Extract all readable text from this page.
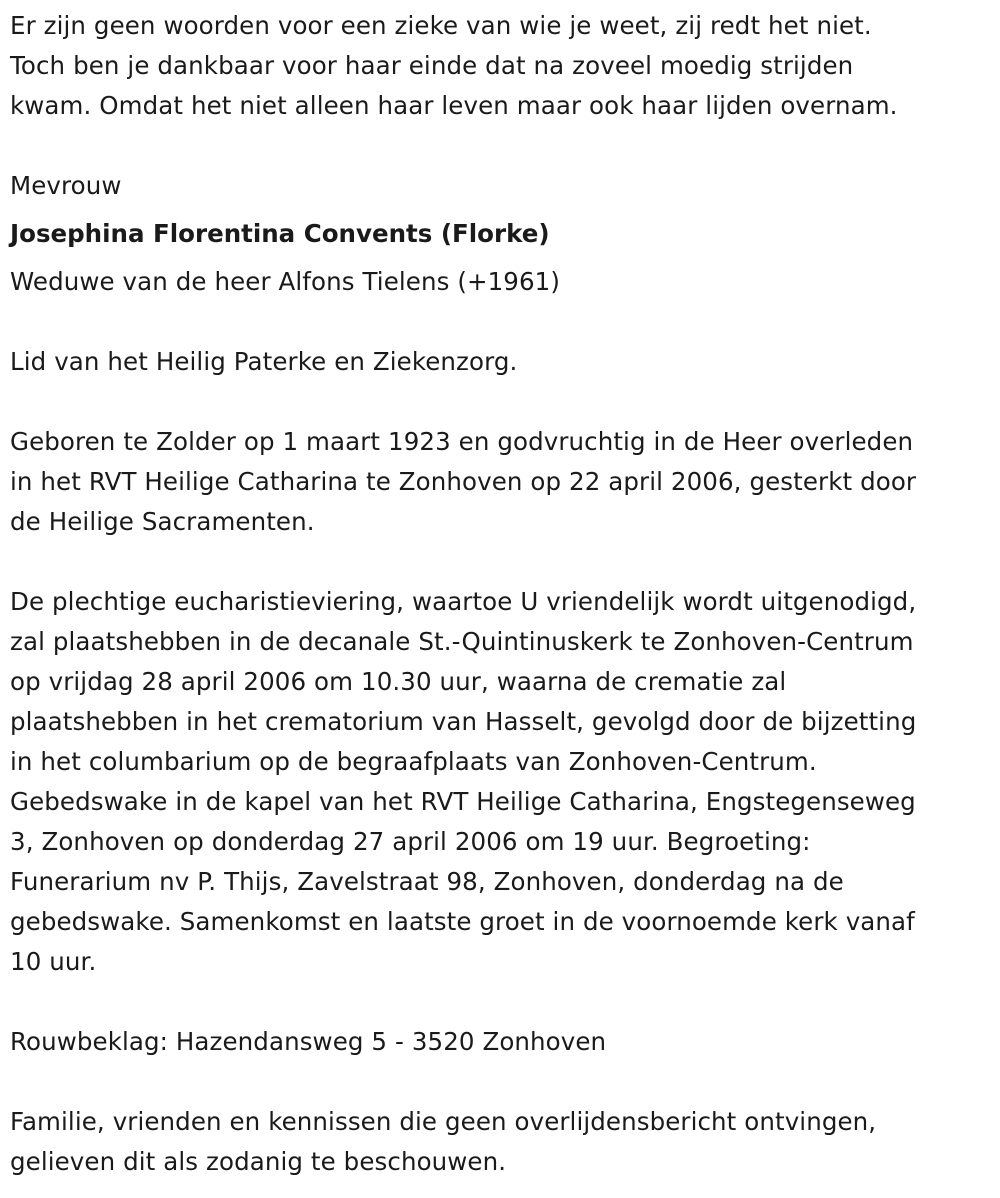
Er zijn geen woorden voor een zieke van wie je weet, zij redt het niet.
Toch ben je dankbaar voor haar einde dat na zoveel moedig strijden
kwam. Omdat het niet alleen haar leven maar ook haar lijden overnam.

Mevrouw

Josephina Florentina Convents (Florke)

Weduwe van de heer Alfons Tielens (+1961)

Lid van het Heilig Paterke en Ziekenzorg.

Geboren te Zolder op 1 maart 1923 en godvruchtig in de Heer overleden
in het RVT Heilige Catharina te Zonhoven op 22 april 2006, gesterkt door
de Heilige Sacramenten.

De plechtige eucharistieviering, waartoe U vriendelijk wordt uitgenodigd,
zal plaatshebben in de decanale St.-Quintinuskerk te Zonhoven-Centrum
op vrijdag 28 april 2006 om 10.30 uur, waarna de crematie zal
plaatshebben in het crematorium van Hasselt, gevolgd door de bijzetting
in het columbarium op de begraafplaats van Zonhoven-Centrum.
Gebedswake in de kapel van het RVT Heilige Catharina, Engstegenseweg
3, Zonhoven op donderdag 27 april 2006 om 19 uur. Begroeting:
Funerarium nv P. Thijs, Zavelstraat 98, Zonhoven, donderdag na de
gebedswake. Samenkomst en laatste groet in de voornoemde kerk vanaf
10 uur.

Rouwbeklag: Hazendansweg 5 - 3520 Zonhoven

Familie, vrienden en kennissen die geen overlijdensbericht ontvingen,
gelieven dit als zodanig te beschouwen.
